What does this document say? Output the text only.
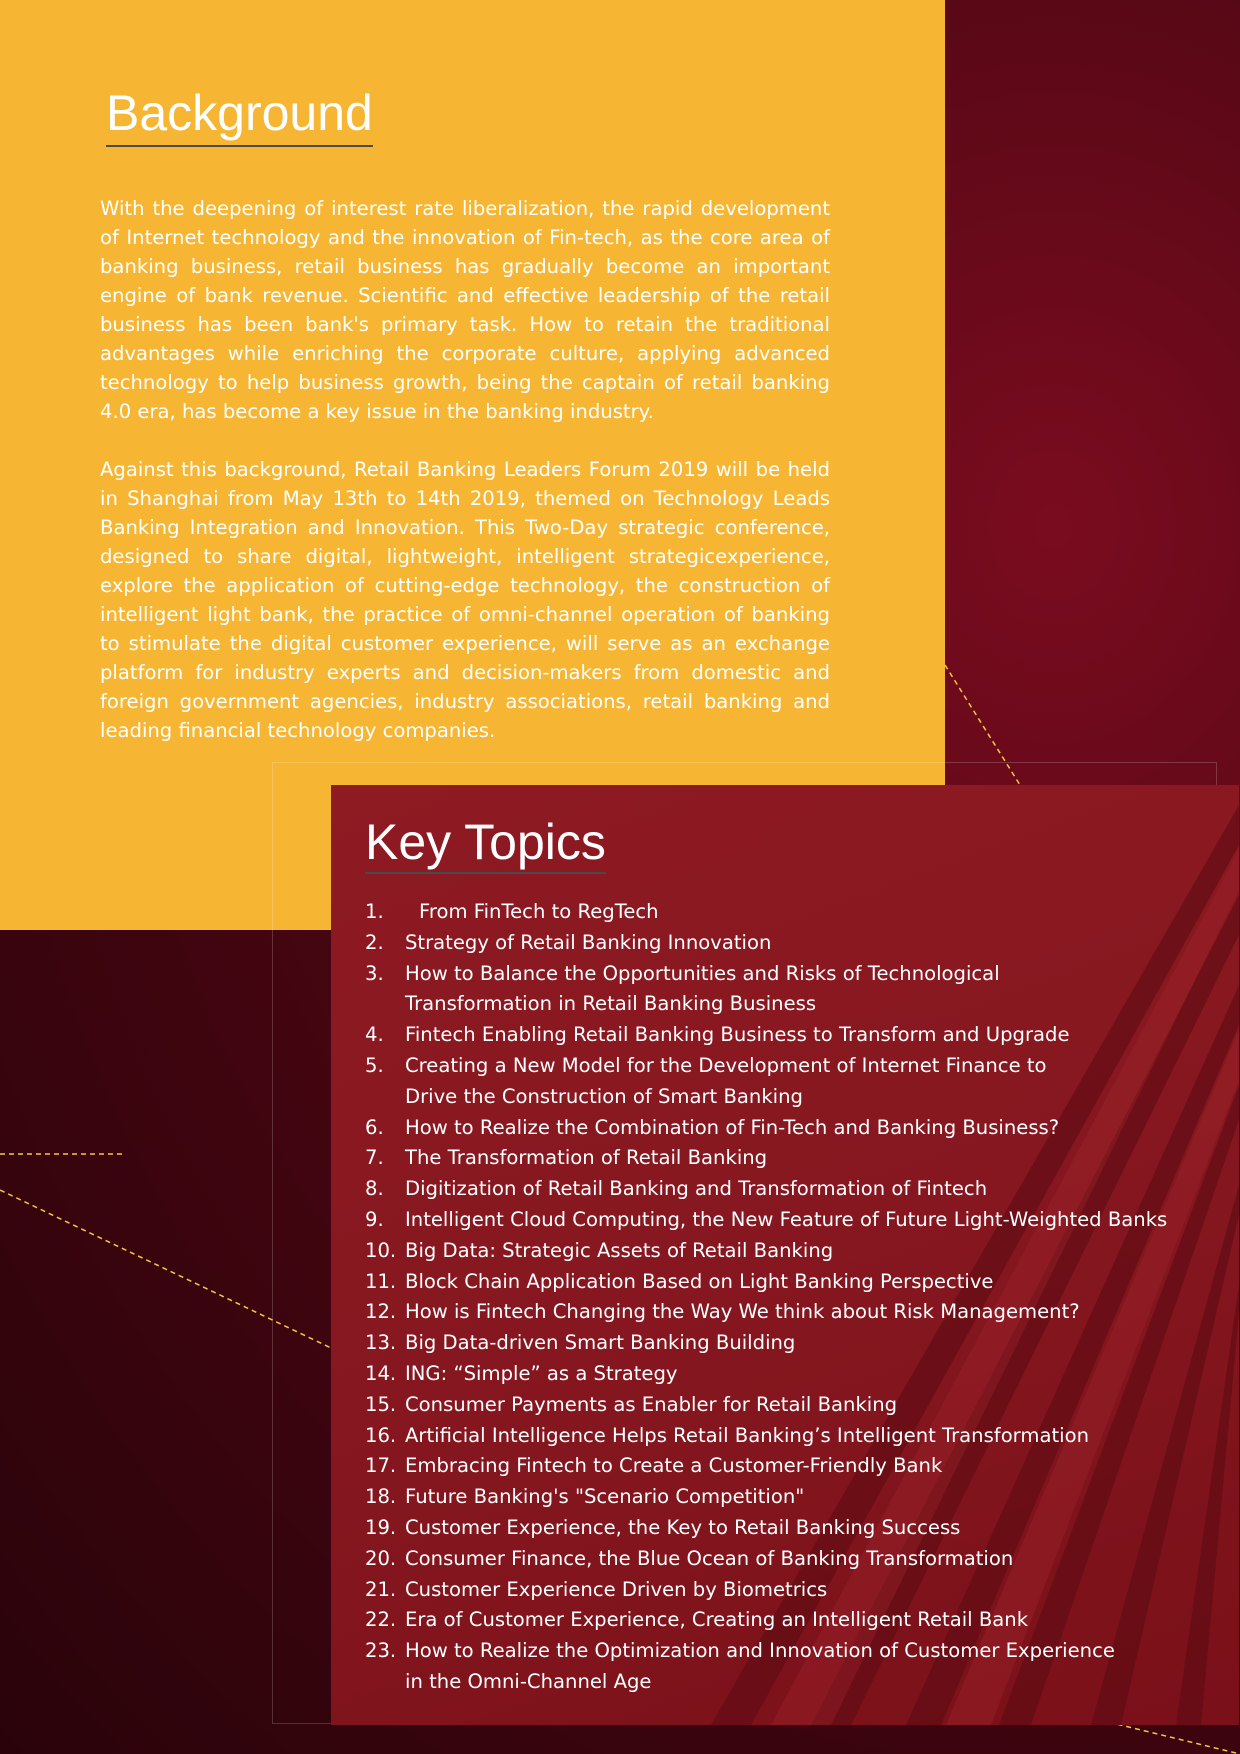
Background

With the deepening of interest rate liberalization, the rapid development of Internet technology and the innovation of Fin-tech, as the core area of banking business, retail business has gradually become an important engine of bank revenue. Scientific and effective leadership of the retail business has been bank's primary task. How to retain the traditional advantages while enriching the corporate culture, applying advanced technology to help business growth, being the captain of retail banking 4.0 era, has become a key issue in the banking industry.

Against this background, Retail Banking Leaders Forum 2019 will be held in Shanghai from May 13th to 14th 2019, themed on Technology Leads Banking Integration and Innovation. This Two-Day strategic conference, designed to share digital, lightweight, intelligent strategicexperience, explore the application of cutting-edge technology, the construction of intelligent light bank, the practice of omni-channel operation of banking to stimulate the digital customer experience, will serve as an exchange platform for industry experts and decision-makers from domestic and foreign government agencies, industry associations, retail banking and leading financial technology companies.

Key Topics
1.	From FinTech to RegTech
2.	Strategy of Retail Banking Innovation
3.	How to Balance the Opportunities and Risks of Technological
Transformation in Retail Banking Business
4.	Fintech Enabling Retail Banking Business to Transform and Upgrade
5.	Creating a New Model for the Development of Internet Finance to
Drive the Construction of Smart Banking
6.	How to Realize the Combination of Fin-Tech and Banking Business?
7.	The Transformation of Retail Banking
8.	Digitization of Retail Banking and Transformation of Fintech
9.	Intelligent Cloud Computing, the New Feature of Future Light-Weighted Banks
10. Big Data: Strategic Assets of Retail Banking
11. Block Chain Application Based on Light Banking Perspective
12. How is Fintech Changing the Way We think about Risk Management?
13. Big Data-driven Smart Banking Building
14. ING: “Simple” as a Strategy
15. Consumer Payments as Enabler for Retail Banking
16. Artificial Intelligence Helps Retail Banking’s Intelligent Transformation
17. Embracing Fintech to Create a Customer-Friendly Bank
18. Future Banking's "Scenario Competition"
19. Customer Experience, the Key to Retail Banking Success
20. Consumer Finance, the Blue Ocean of Banking Transformation
21. Customer Experience Driven by Biometrics
22. Era of Customer Experience, Creating an Intelligent Retail Bank
23. How to Realize the Optimization and Innovation of Customer Experience
in the Omni-Channel Age
